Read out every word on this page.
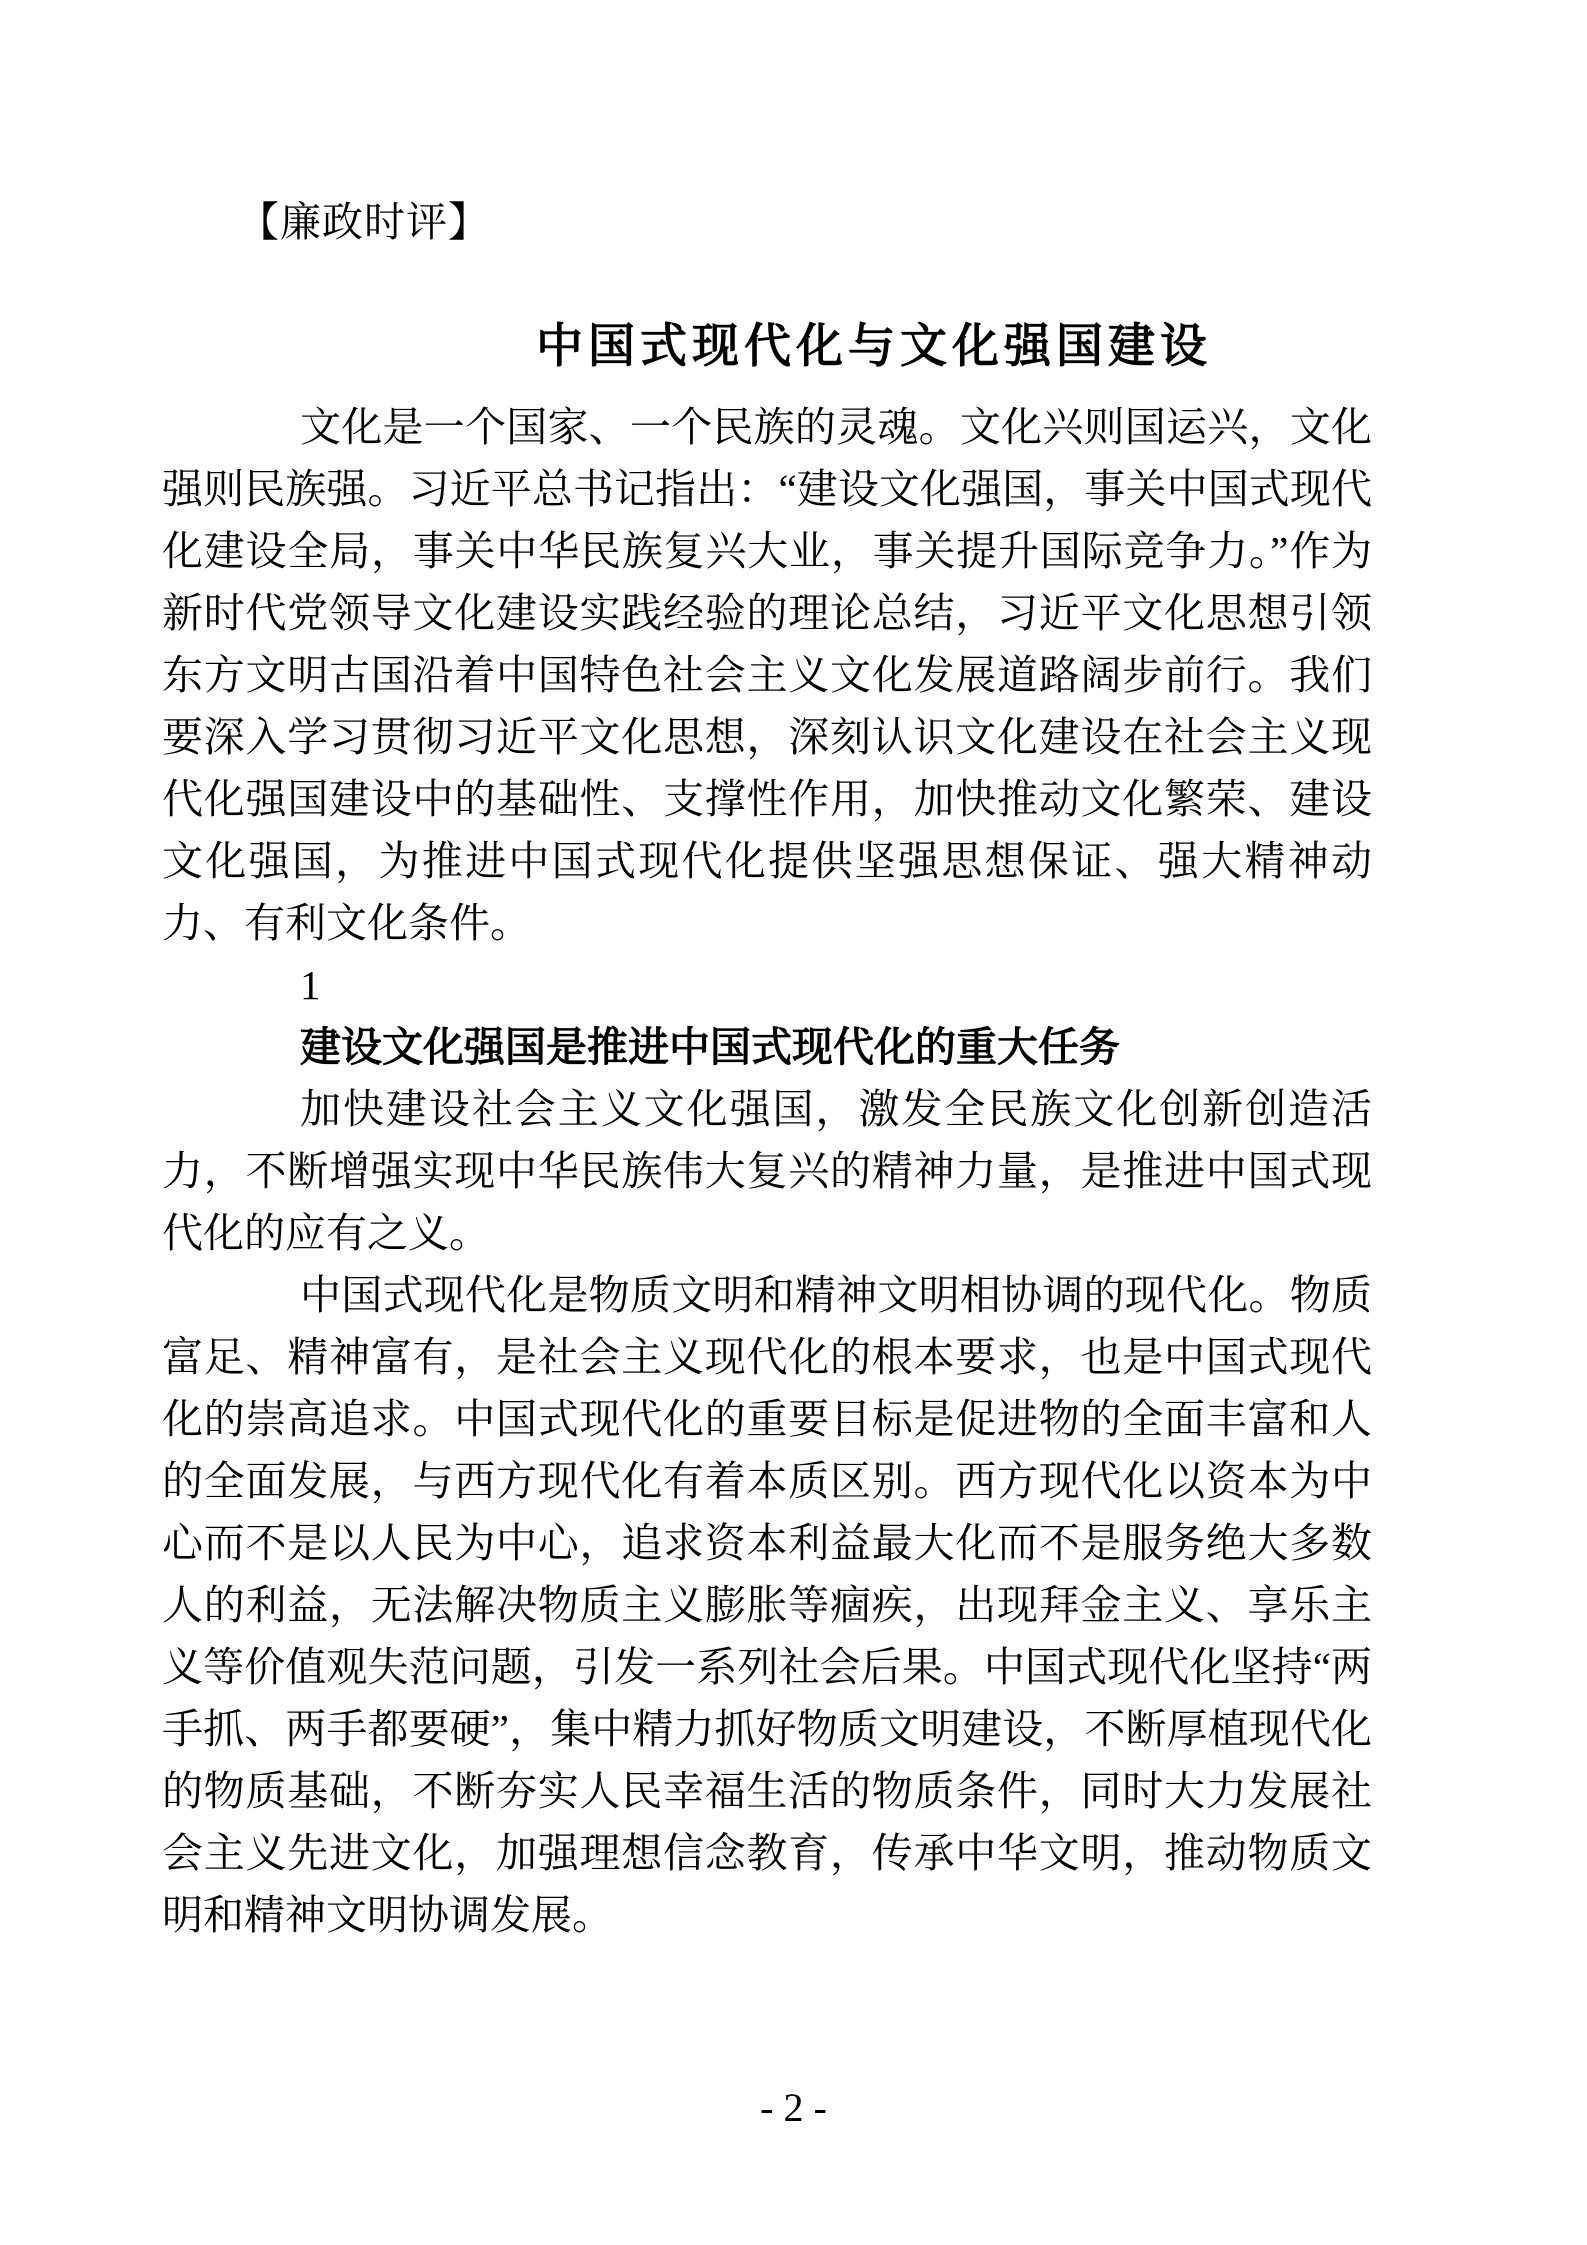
【廉政时评】
中国式现代化与文化强国建设

文化是一个国家、一个民族的灵魂。文化兴则国运兴，文化强则民族强。习近平总书记指出：“建设文化强国，事关中国式现代化建设全局，事关中华民族复兴大业，事关提升国际竞争力。”作为新时代党领导文化建设实践经验的理论总结，习近平文化思想引领东方文明古国沿着中国特色社会主义文化发展道路阔步前行。我们要深入学习贯彻习近平文化思想，深刻认识文化建设在社会主义现代化强国建设中的基础性、支撑性作用，加快推动文化繁荣、建设文化强国，为推进中国式现代化提供坚强思想保证、强大精神动力、有利文化条件。

1

建设文化强国是推进中国式现代化的重大任务

加快建设社会主义文化强国，激发全民族文化创新创造活力，不断增强实现中华民族伟大复兴的精神力量，是推进中国式现代化的应有之义。

中国式现代化是物质文明和精神文明相协调的现代化。物质富足、精神富有，是社会主义现代化的根本要求，也是中国式现代化的崇高追求。中国式现代化的重要目标是促进物的全面丰富和人的全面发展，与西方现代化有着本质区别。西方现代化以资本为中心而不是以人民为中心，追求资本利益最大化而不是服务绝大多数人的利益，无法解决物质主义膨胀等痼疾，出现拜金主义、享乐主义等价值观失范问题，引发一系列社会后果。中国式现代化坚持“两手抓、两手都要硬”，集中精力抓好物质文明建设，不断厚植现代化的物质基础，不断夯实人民幸福生活的物质条件，同时大力发展社会主义先进文化，加强理想信念教育，传承中华文明，推动物质文明和精神文明协调发展。

- 2 -
